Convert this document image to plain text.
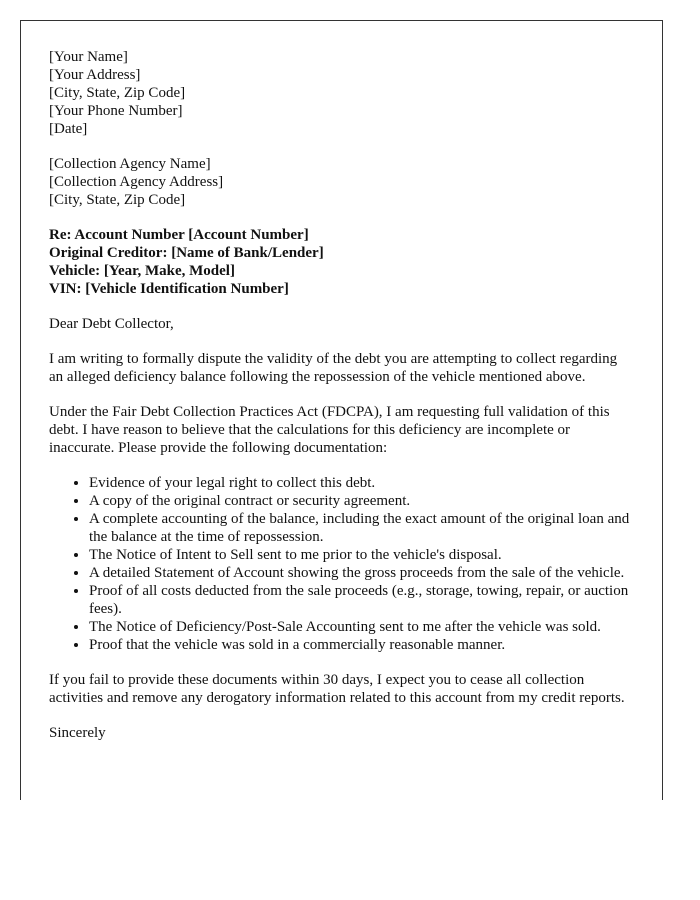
[Your Name]
[Your Address]
[City, State, Zip Code]
[Your Phone Number]
[Date]
[Collection Agency Name]
[Collection Agency Address]
[City, State, Zip Code]
Re: Account Number [Account Number]
Original Creditor: [Name of Bank/Lender]
Vehicle: [Year, Make, Model]
VIN: [Vehicle Identification Number]

Dear Debt Collector,

I am writing to formally dispute the validity of the debt you are attempting to collect regarding an alleged deficiency balance following the repossession of the vehicle mentioned above.

Under the Fair Debt Collection Practices Act (FDCPA), I am requesting full validation of this debt. I have reason to believe that the calculations for this deficiency are incomplete or inaccurate. Please provide the following documentation:

• Evidence of your legal right to collect this debt.
• A copy of the original contract or security agreement.
• A complete accounting of the balance, including the exact amount of the original loan and the balance at the time of repossession.
• The Notice of Intent to Sell sent to me prior to the vehicle's disposal.
• A detailed Statement of Account showing the gross proceeds from the sale of the vehicle.
• Proof of all costs deducted from the sale proceeds (e.g., storage, towing, repair, or auction fees).
• The Notice of Deficiency/Post-Sale Accounting sent to me after the vehicle was sold.
• Proof that the vehicle was sold in a commercially reasonable manner.

If you fail to provide these documents within 30 days, I expect you to cease all collection activities and remove any derogatory information related to this account from my credit reports.

Sincerely
